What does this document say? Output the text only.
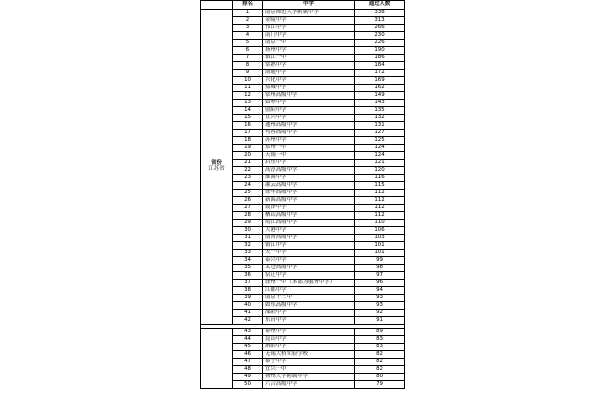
	排名	中学	通过人数

省份
江苏省	1	南京师范大学附属中学	338
	2	金陵中学	313
	3	邗江中学	266
	4	南门中学	230
	5	南京一中	226
	6	扬州中学	190
	7	镇江一中	186
	8	常熟中学	184
	9	南通中学	172
	10	兴化中学	169
	11	盐城中学	162
	12	常州高级中学	149
	13	如皋中学	143
	14	射阳中学	135
	15	宜兴中学	132
	16	通州高级中学	131
	17	句容高级中学	127
	18	苏州中学	125
	19	常州一中	124
	20	天锡一中	124
	21	启东中学	121
	22	高淳高级中学	120
	23	淮海中学	116
	24	灌云高级中学	115
	25	徐车高级中学	112
	26	新海高级中学	112
	27	震泽中学	112
	28	栖山高级中学	112
	29	靖江高级中学	110
	30	大港中学	106
	31	南菁高级中学	103
	32	镇江中学	101
	33	天一中学	101
	34	泰兴中学	99
	35	太仓高级中学	98
	36	宿迁中学	97
	37	徐州一中（本部为服务中学）	96
	38	江都中学	94
	39	南京十三中	93
	40	如东高级中学	93
	41	溧阳中学	92
	42	东台中学	91

	43	泰州中学	89
	44	昆山中学	83
	45	泗阳中学	83
	46	无锡大桥实验学校	82
	47	泰宁中学	82
	48	宜兴一中	82
	49	扬州大学附属中学	80
	50	六合高级中学	79
